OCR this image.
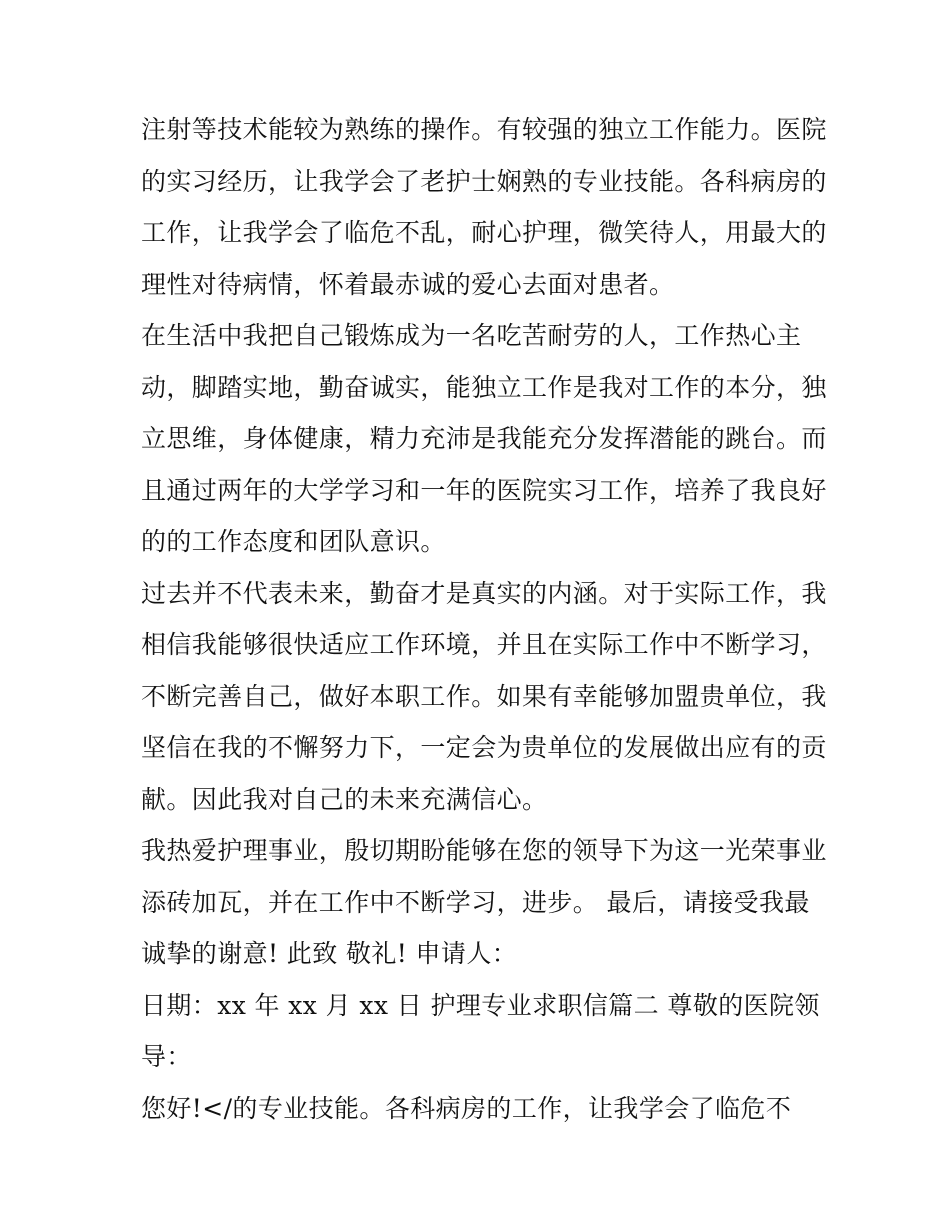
注射等技术能较为熟练的操作。有较强的独立工作能力。医院
的实习经历，让我学会了老护士娴熟的专业技能。各科病房的
工作，让我学会了临危不乱，耐心护理，微笑待人，用最大的
理性对待病情，怀着最赤诚的爱心去面对患者。
在生活中我把自己锻炼成为一名吃苦耐劳的人，工作热心主
动，脚踏实地，勤奋诚实，能独立工作是我对工作的本分，独
立思维，身体健康，精力充沛是我能充分发挥潜能的跳台。而
且通过两年的大学学习和一年的医院实习工作，培养了我良好
的的工作态度和团队意识。
过去并不代表未来，勤奋才是真实的内涵。对于实际工作，我
相信我能够很快适应工作环境，并且在实际工作中不断学习，
不断完善自己，做好本职工作。如果有幸能够加盟贵单位，我
坚信在我的不懈努力下，一定会为贵单位的发展做出应有的贡
献。因此我对自己的未来充满信心。
我热爱护理事业，殷切期盼能够在您的领导下为这一光荣事业
添砖加瓦，并在工作中不断学习，进步。 最后，请接受我最
诚挚的谢意! 此致 敬礼! 申请人：
日期：xx 年 xx 月 xx 日 护理专业求职信篇二 尊敬的医院领
导：
您好!</的专业技能。各科病房的工作，让我学会了临危不
